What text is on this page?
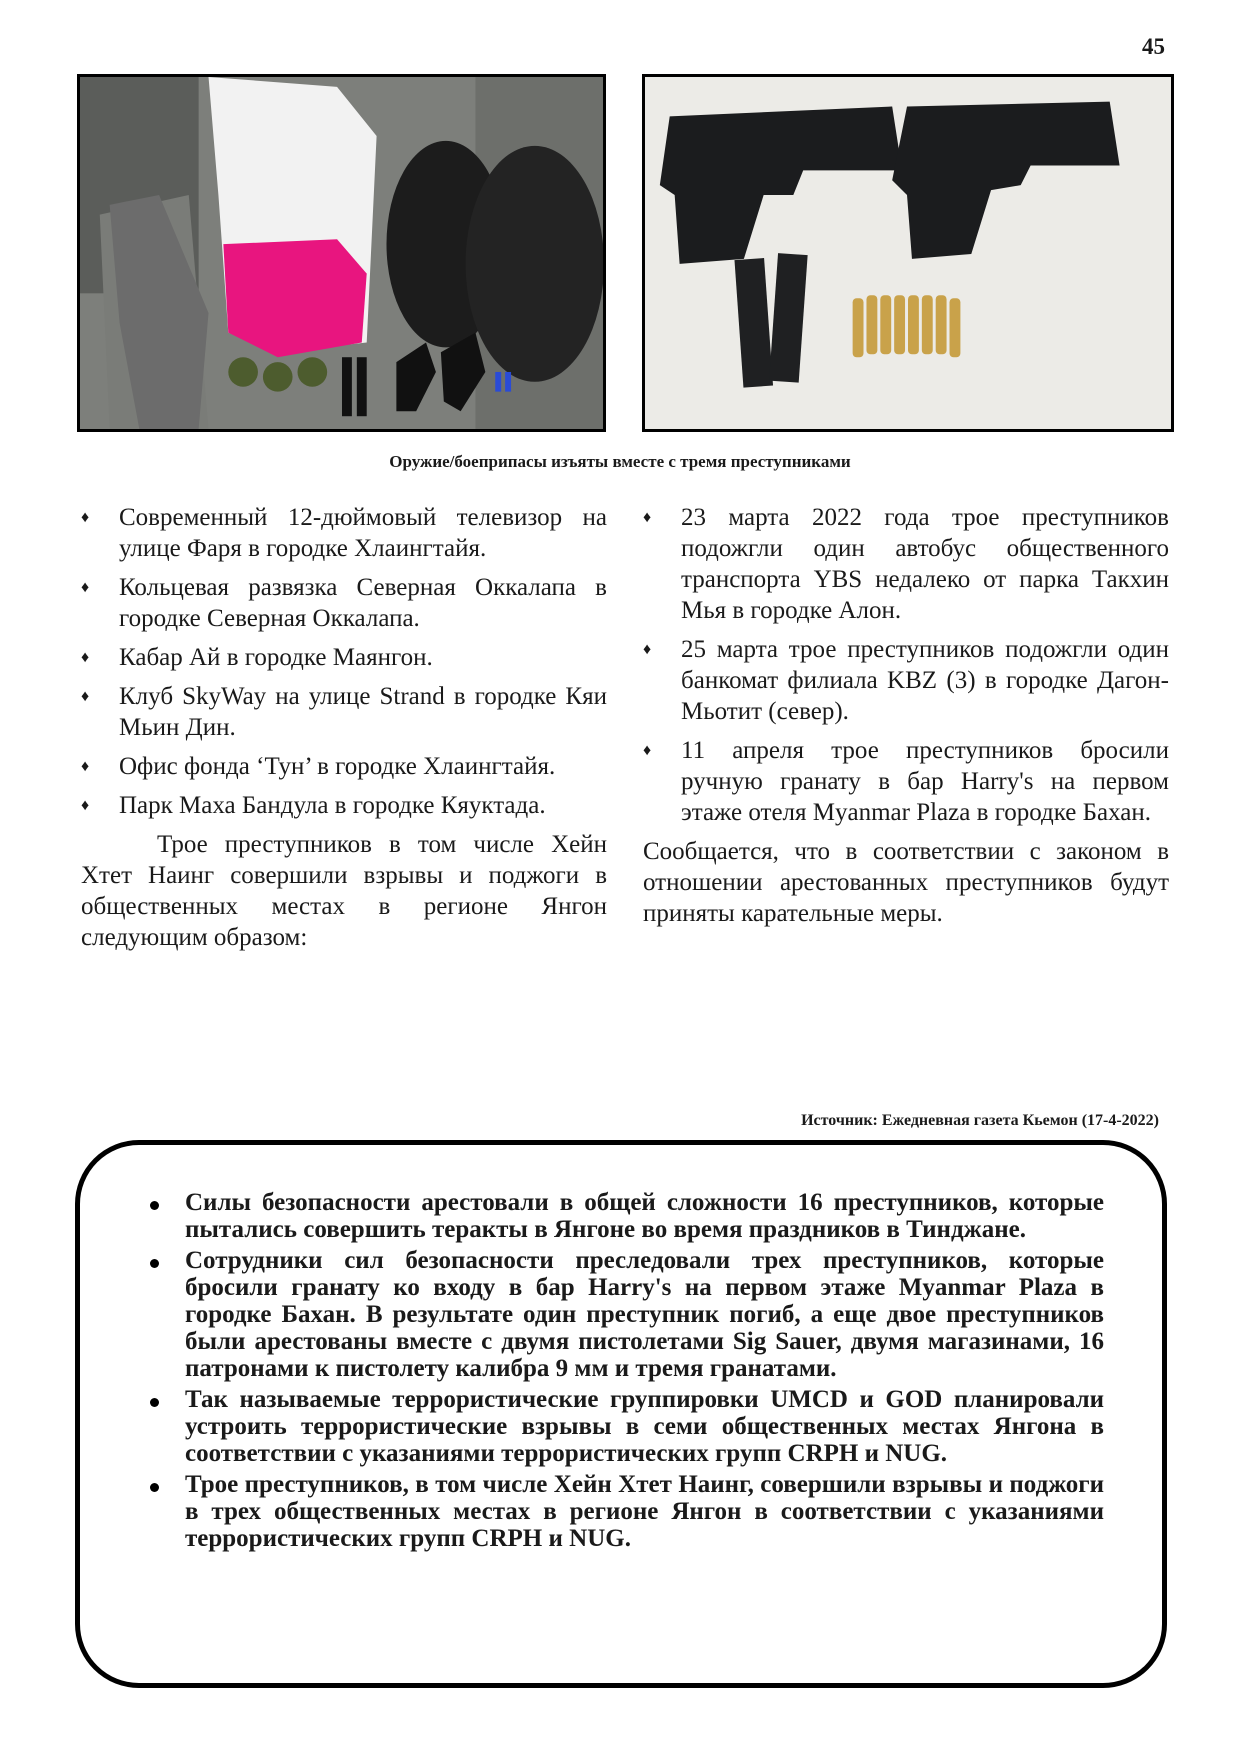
45
Оружие/боеприпасы изъяты вместе с тремя преступниками
♦ Современный 12-дюймовый телевизор на улице Фаря в городке Хлаингтайя.
♦ Кольцевая развязка Северная Оккалапа в городке Северная Оккалапа.
♦ Кабар Ай в городке Маянгон.
♦ Клуб SkyWay на улице Strand в городке Кяи Мьин Дин.
♦ Офис фонда ‘Тун’ в городке Хлаингтайя.
♦ Парк Маха Бандула в городке Кяуктада.

Трое преступников в том числе Хейн Хтет Наинг совершили взрывы и поджоги в общественных местах в регионе Янгон следующим образом:

♦ 23 марта 2022 года трое преступников подожгли один автобус общественного транспорта YBS недалеко от парка Такхин Мья в городке Алон.
♦ 25 марта трое преступников подожгли один банкомат филиала KBZ (3) в городке Дагон-Мьотит (север).
♦ 11 апреля трое преступников бросили ручную гранату в бар Harry's на первом этаже отеля Myanmar Plaza в городке Бахан.

Сообщается, что в соответствии с законом в отношении арестованных преступников будут приняты карательные меры.

Источник: Ежедневная газета Кьемон (17-4-2022)
Силы безопасности арестовали в общей сложности 16 преступников, которые пытались совершить теракты в Янгоне во время праздников в Тинджане.
Сотрудники сил безопасности преследовали трех преступников, которые бросили гранату ко входу в бар Harry's на первом этаже Myanmar Plaza в городке Бахан. В результате один преступник погиб, а еще двое преступников были арестованы вместе с двумя пистолетами Sig Sauer, двумя магазинами, 16 патронами к пистолету калибра 9 мм и тремя гранатами.
Так называемые террористические группировки UMCD и GOD планировали устроить террористические взрывы в семи общественных местах Янгона в соответствии с указаниями террористических групп CRPH и NUG.
Трое преступников, в том числе Хейн Хтет Наинг, совершили взрывы и поджоги в трех общественных местах в регионе Янгон в соответствии с указаниями террористических групп CRPH и NUG.
